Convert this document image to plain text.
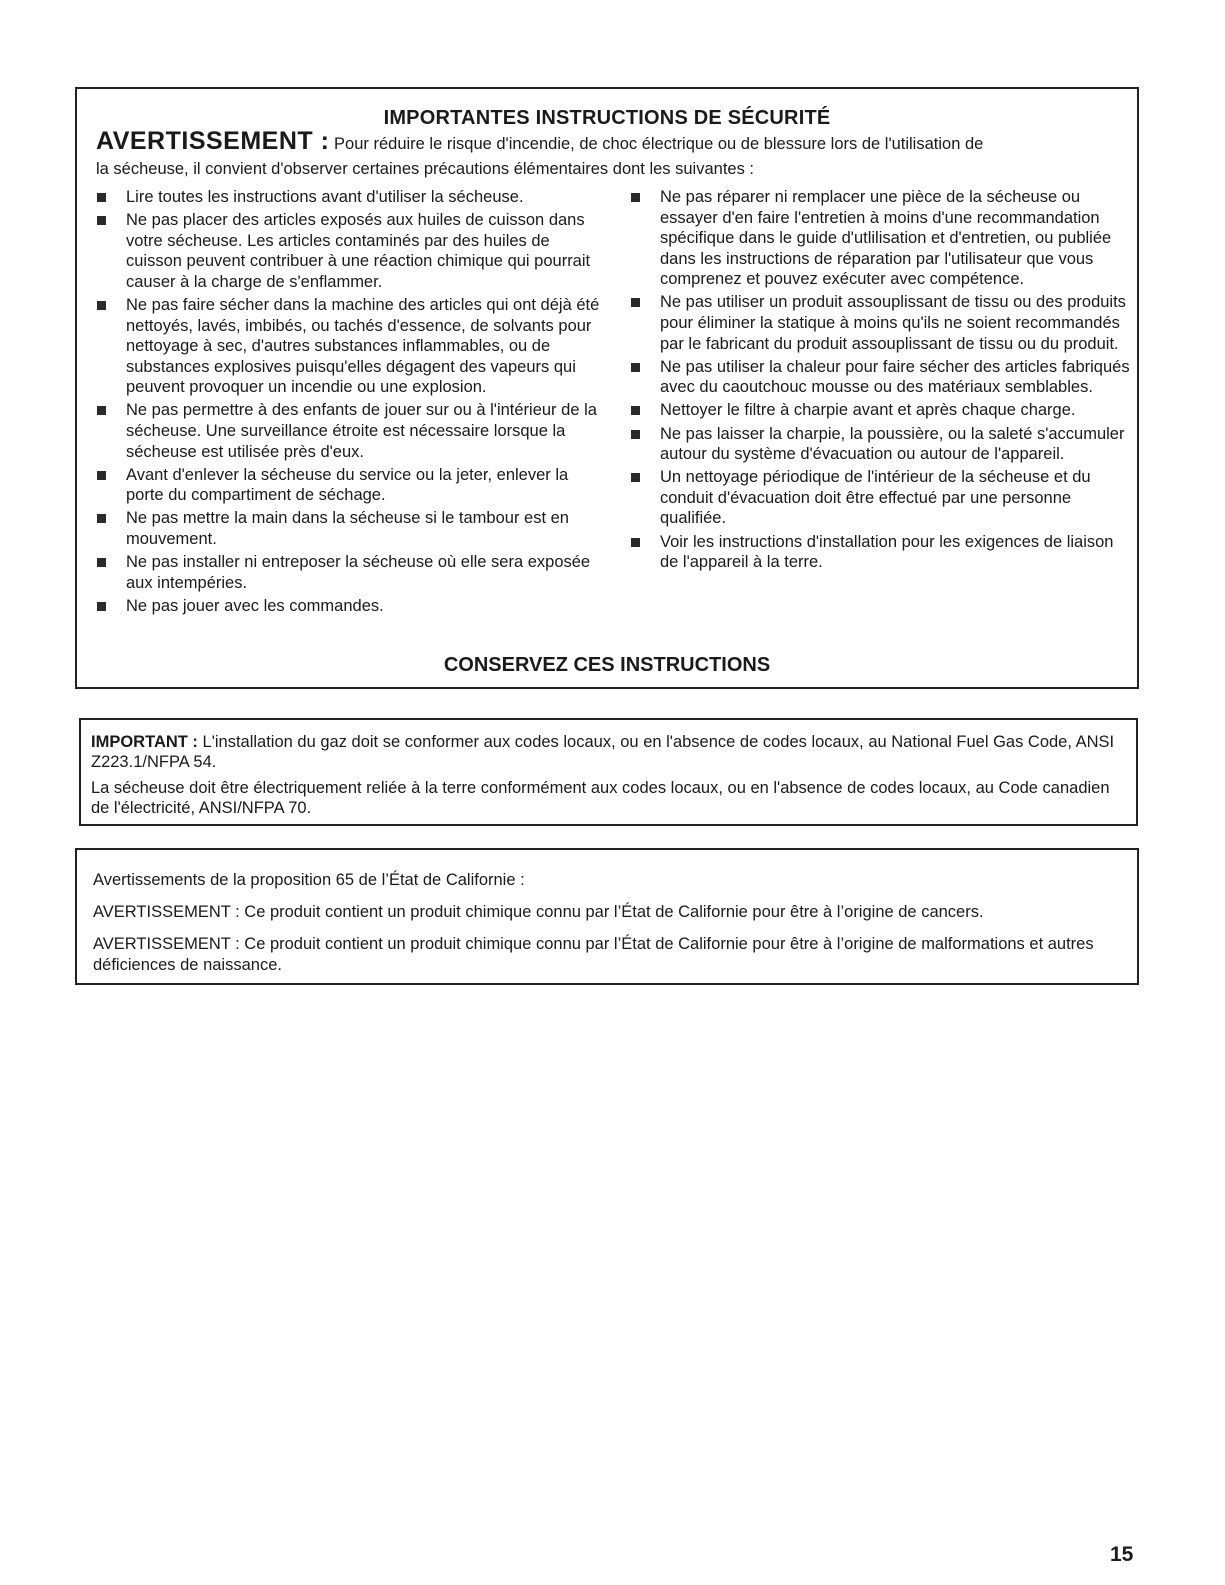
IMPORTANTES INSTRUCTIONS DE SÉCURITÉ
AVERTISSEMENT : Pour réduire le risque d'incendie, de choc électrique ou de blessure lors de l'utilisation de
la sécheuse, il convient d'observer certaines précautions élémentaires dont les suivantes :
Lire toutes les instructions avant d'utiliser la sécheuse.
Ne pas placer des articles exposés aux huiles de cuisson dans votre sécheuse. Les articles contaminés par des huiles de cuisson peuvent contribuer à une réaction chimique qui pourrait causer à la charge de s'enflammer.
Ne pas faire sécher dans la machine des articles qui ont déjà été nettoyés, lavés, imbibés, ou tachés d'essence, de solvants pour nettoyage à sec, d'autres substances inflammables, ou de substances explosives puisqu'elles dégagent des vapeurs qui peuvent provoquer un incendie ou une explosion.
Ne pas permettre à des enfants de jouer sur ou à l'intérieur de la sécheuse. Une surveillance étroite est nécessaire lorsque la sécheuse est utilisée près d'eux.
Avant d'enlever la sécheuse du service ou la jeter, enlever la porte du compartiment de séchage.
Ne pas mettre la main dans la sécheuse si le tambour est en mouvement.
Ne pas installer ni entreposer la sécheuse où elle sera exposée aux intempéries.
Ne pas jouer avec les commandes.
Ne pas réparer ni remplacer une pièce de la sécheuse ou essayer d'en faire l'entretien à moins d'une recommandation spécifique dans le guide d'utlilisation et d'entretien, ou publiée dans les instructions de réparation par l'utilisateur que vous comprenez et pouvez exécuter avec compétence.
Ne pas utiliser un produit assouplissant de tissu ou des produits pour éliminer la statique à moins qu'ils ne soient recommandés par le fabricant du produit assouplissant de tissu ou du produit.
Ne pas utiliser la chaleur pour faire sécher des articles fabriqués avec du caoutchouc mousse ou des matériaux semblables.
Nettoyer le filtre à charpie avant et après chaque charge.
Ne pas laisser la charpie, la poussière, ou la saleté s'accumuler autour du système d'évacuation ou autour de l'appareil.
Un nettoyage périodique de l'intérieur de la sécheuse et du conduit d'évacuation doit être effectué par une personne qualifiée.
Voir les instructions d'installation pour les exigences de liaison de l'appareil à la terre.
CONSERVEZ CES INSTRUCTIONS

IMPORTANT : L'installation du gaz doit se conformer aux codes locaux, ou en l'absence de codes locaux, au National Fuel Gas Code, ANSI Z223.1/NFPA 54.

La sécheuse doit être électriquement reliée à la terre conformément aux codes locaux, ou en l'absence de codes locaux, au Code canadien de l'électricité, ANSI/NFPA 70.

Avertissements de la proposition 65 de l’État de Californie :

AVERTISSEMENT : Ce produit contient un produit chimique connu par l’État de Californie pour être à l’origine de cancers.

AVERTISSEMENT : Ce produit contient un produit chimique connu par l’État de Californie pour être à l’origine de malformations et autres déficiences de naissance.

15
